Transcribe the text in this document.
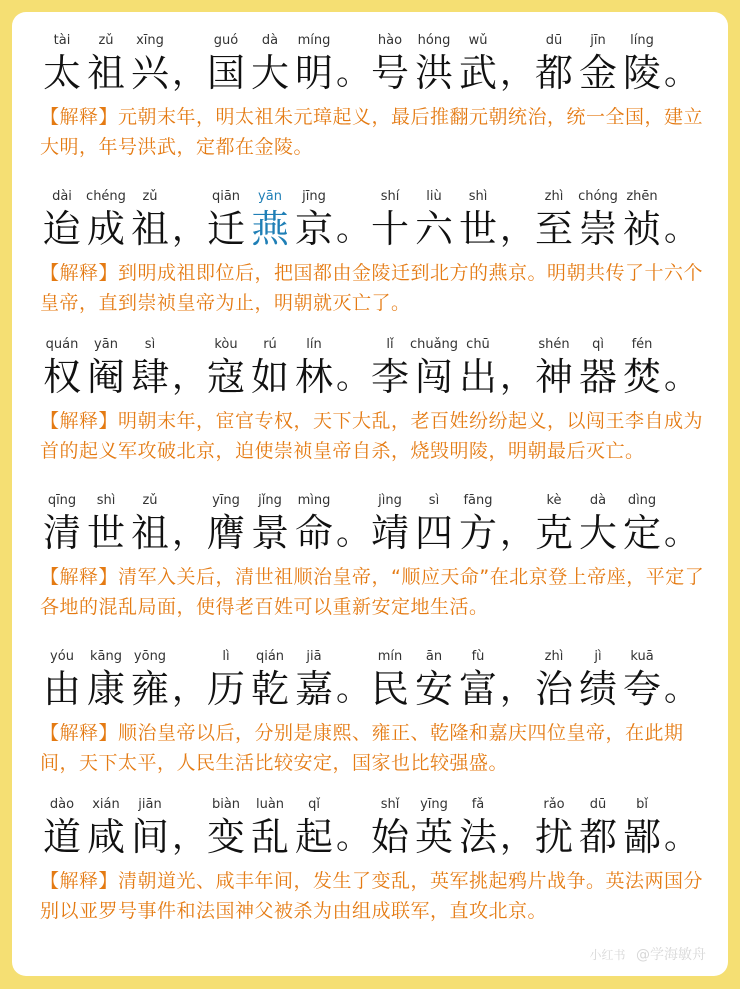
tài
太
zǔ
祖
xīng
兴 ，
guó
国
dà
大
míng
明 。
hào
号
hóng
洪
wǔ
武 ，
dū
都
jīn
金
líng
陵 。
【解释】元朝末年，明太祖朱元璋起义，最后推翻元朝统治，统一全国，建立大明，年号洪武，定都在金陵。
dài
迨
chéng
成
zǔ
祖 ，
qiān
迁
yān
燕
jīng
京 。
shí
十
liù
六
shì
世 ，
zhì
至
chóng
崇
zhēn
祯 。
【解释】到明成祖即位后，把国都由金陵迁到北方的燕京。明朝共传了十六个皇帝，直到崇祯皇帝为止，明朝就灭亡了。
quán
权
yān
阉
sì
肆 ，
kòu
寇
rú
如
lín
林 。
lǐ
李
chuǎng
闯
chū
出 ，
shén
神
qì
器
fén
焚 。
【解释】明朝末年，宦官专权，天下大乱，老百姓纷纷起义，以闯王李自成为首的起义军攻破北京，迫使崇祯皇帝自杀，烧毁明陵，明朝最后灭亡。
qīng
清
shì
世
zǔ
祖 ，
yīng
膺
jǐng
景
mìng
命 。
jìng
靖
sì
四
fāng
方 ，
kè
克
dà
大
dìng
定 。
【解释】清军入关后，清世祖顺治皇帝，“顺应天命”在北京登上帝座，平定了各地的混乱局面，使得老百姓可以重新安定地生活。
yóu
由
kāng
康
yōng
雍 ，
lì
历
qián
乾
jiā
嘉 。
mín
民
ān
安
fù
富 ，
zhì
治
jì
绩
kuā
夸 。
【解释】顺治皇帝以后，分别是康熙、雍正、乾隆和嘉庆四位皇帝，在此期间，天下太平，人民生活比较安定，国家也比较强盛。
dào
道
xián
咸
jiān
间 ，
biàn
变
luàn
乱
qǐ
起 。
shǐ
始
yīng
英
fǎ
法 ，
rǎo
扰
dū
都
bǐ
鄙 。
【解释】清朝道光、咸丰年间，发生了变乱，英军挑起鸦片战争。英法两国分别以亚罗号事件和法国神父被杀为由组成联军，直攻北京。
小红书 @学海敏舟
